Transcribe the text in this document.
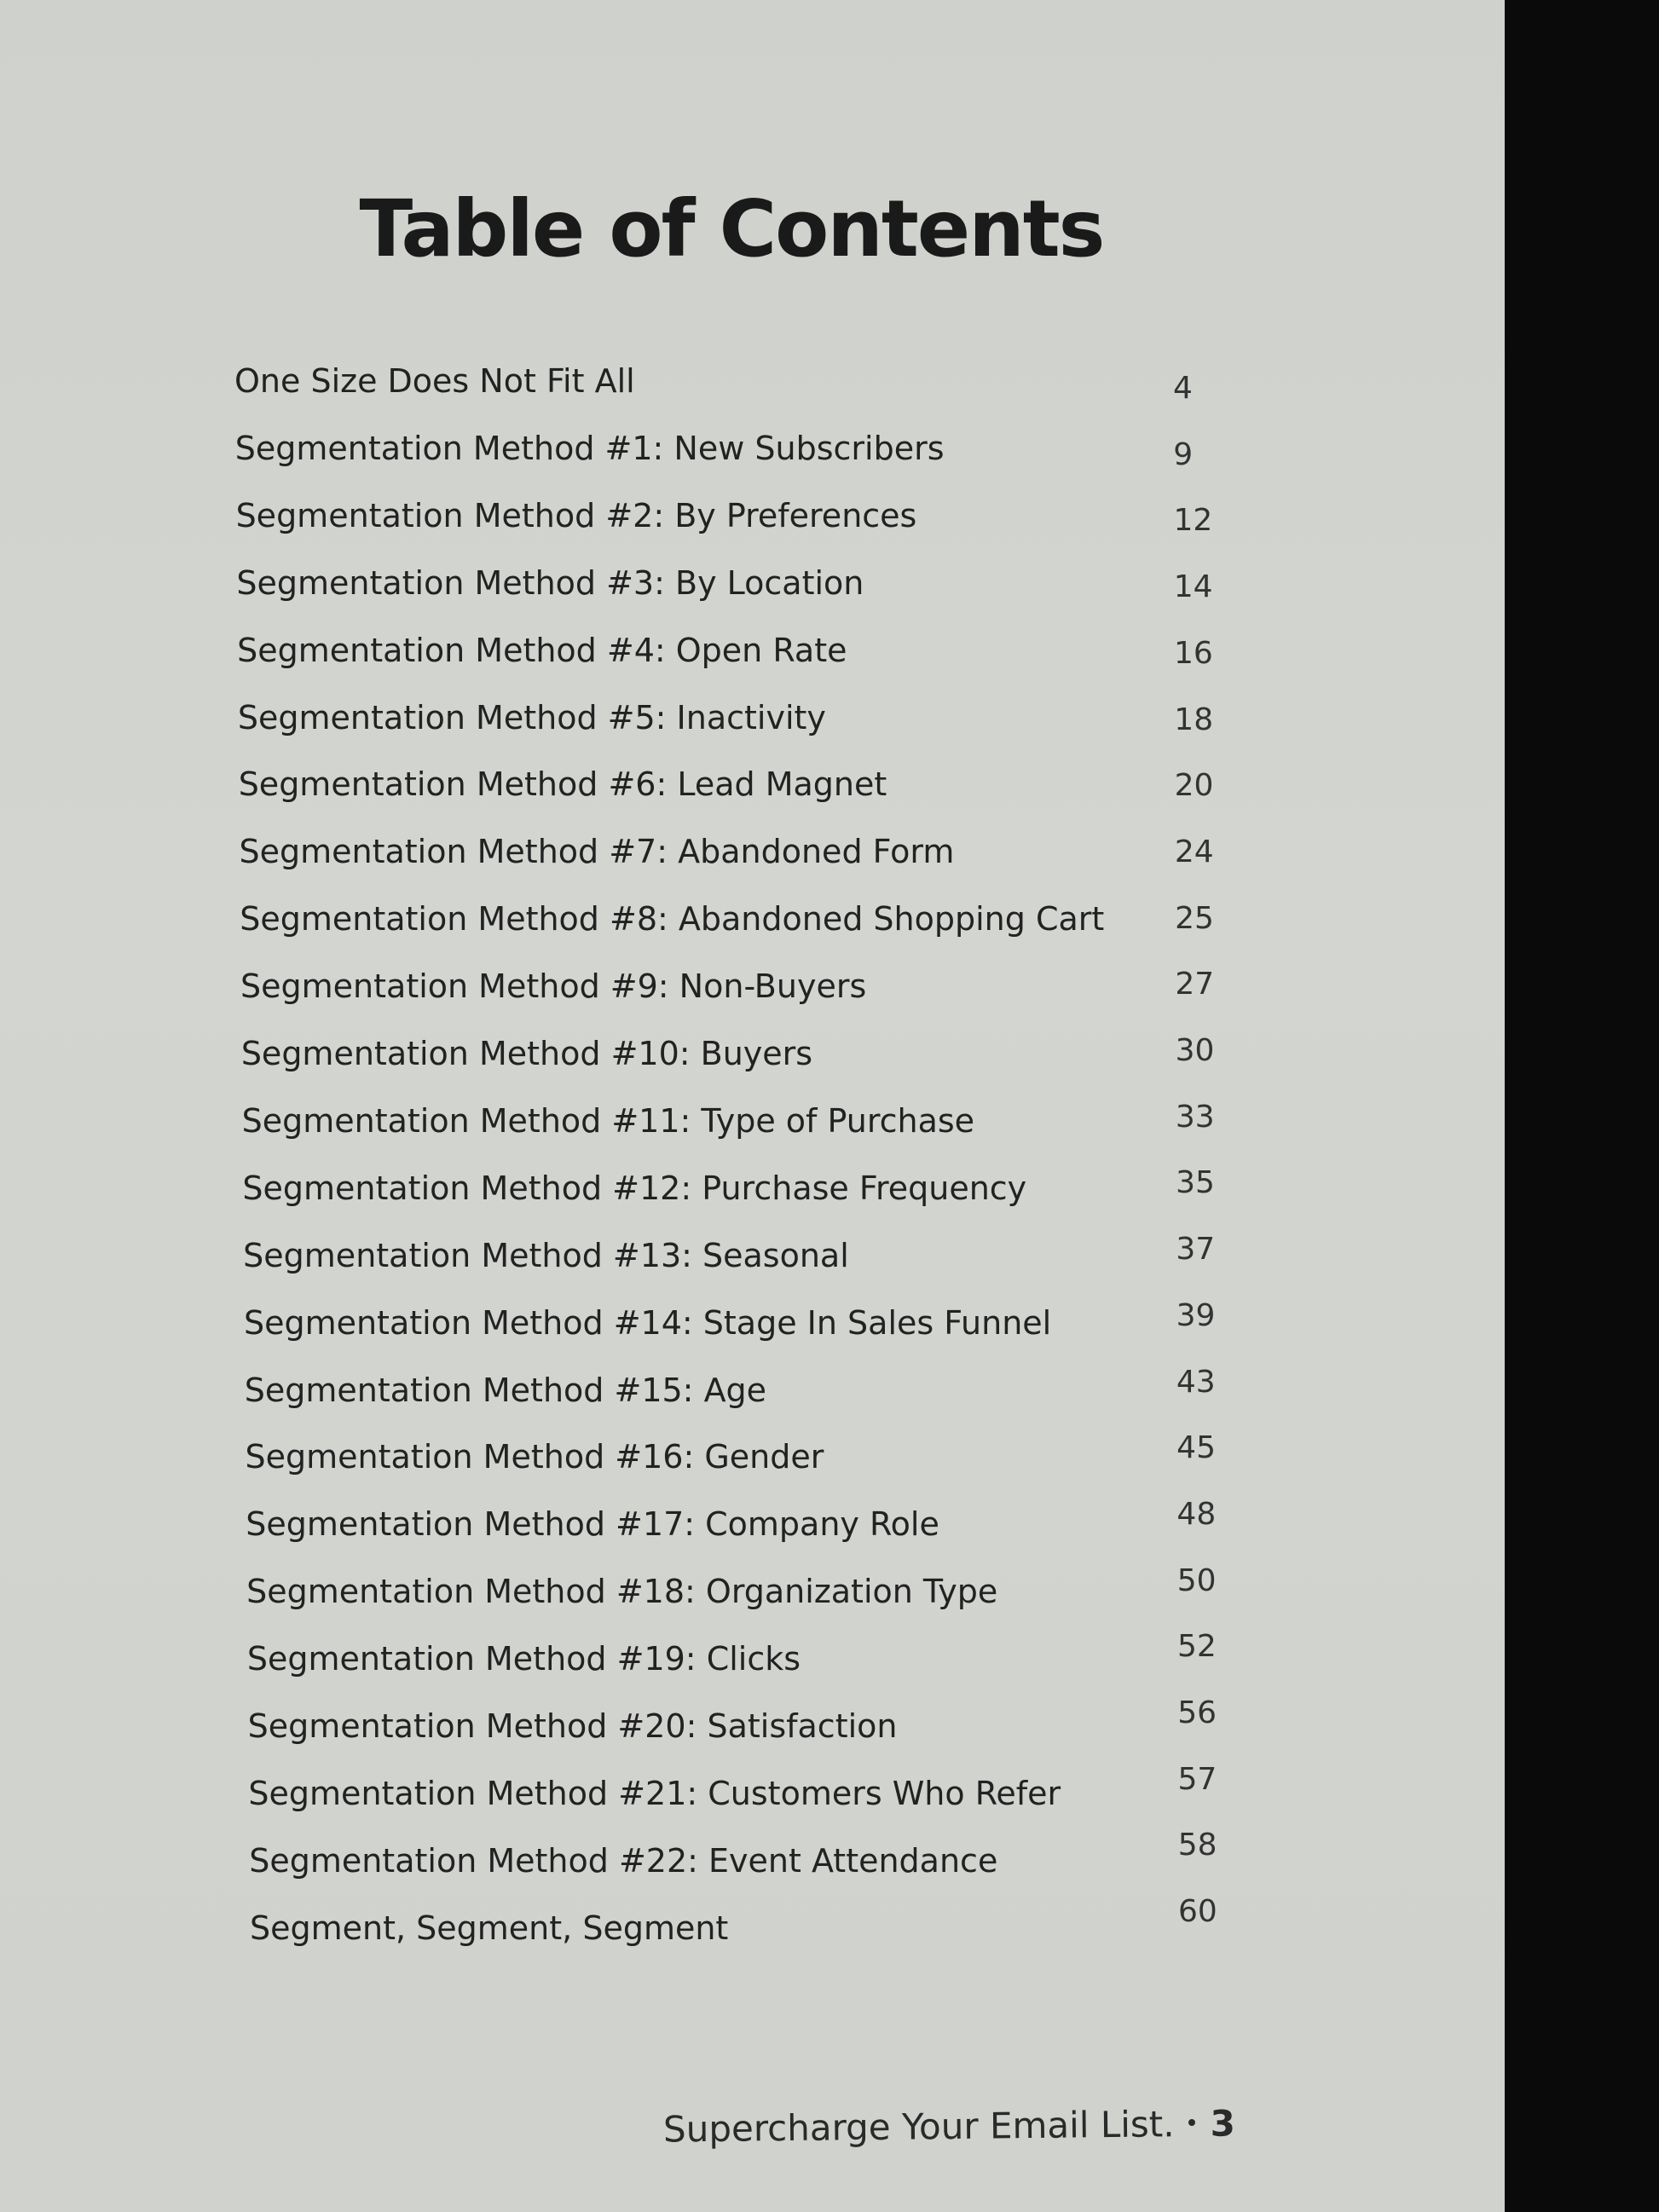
Table of Contents
One Size Does Not Fit All	4
Segmentation Method #1: New Subscribers	9
Segmentation Method #2: By Preferences	12
Segmentation Method #3: By Location	14
Segmentation Method #4: Open Rate	16
Segmentation Method #5: Inactivity	18
Segmentation Method #6: Lead Magnet	20
Segmentation Method #7: Abandoned Form	24
Segmentation Method #8: Abandoned Shopping Cart 25
Segmentation Method #9: Non-Buyers	27
Segmentation Method #10: Buyers	30
Segmentation Method #11: Type of Purchase	33
Segmentation Method #12: Purchase Frequency	35
Segmentation Method #13: Seasonal	37
Segmentation Method #14: Stage In Sales Funnel	39
Segmentation Method #15: Age	43
Segmentation Method #16: Gender	45
Segmentation Method #17: Company Role	48
Segmentation Method #18: Organization Type	50
Segmentation Method #19: Clicks	52
Segmentation Method #20: Satisfaction	56
Segmentation Method #21: Customers Who Refer	57
Segmentation Method #22: Event Attendance	58
Segment, Segment, Segment	60
Supercharge Your Email List. 3
